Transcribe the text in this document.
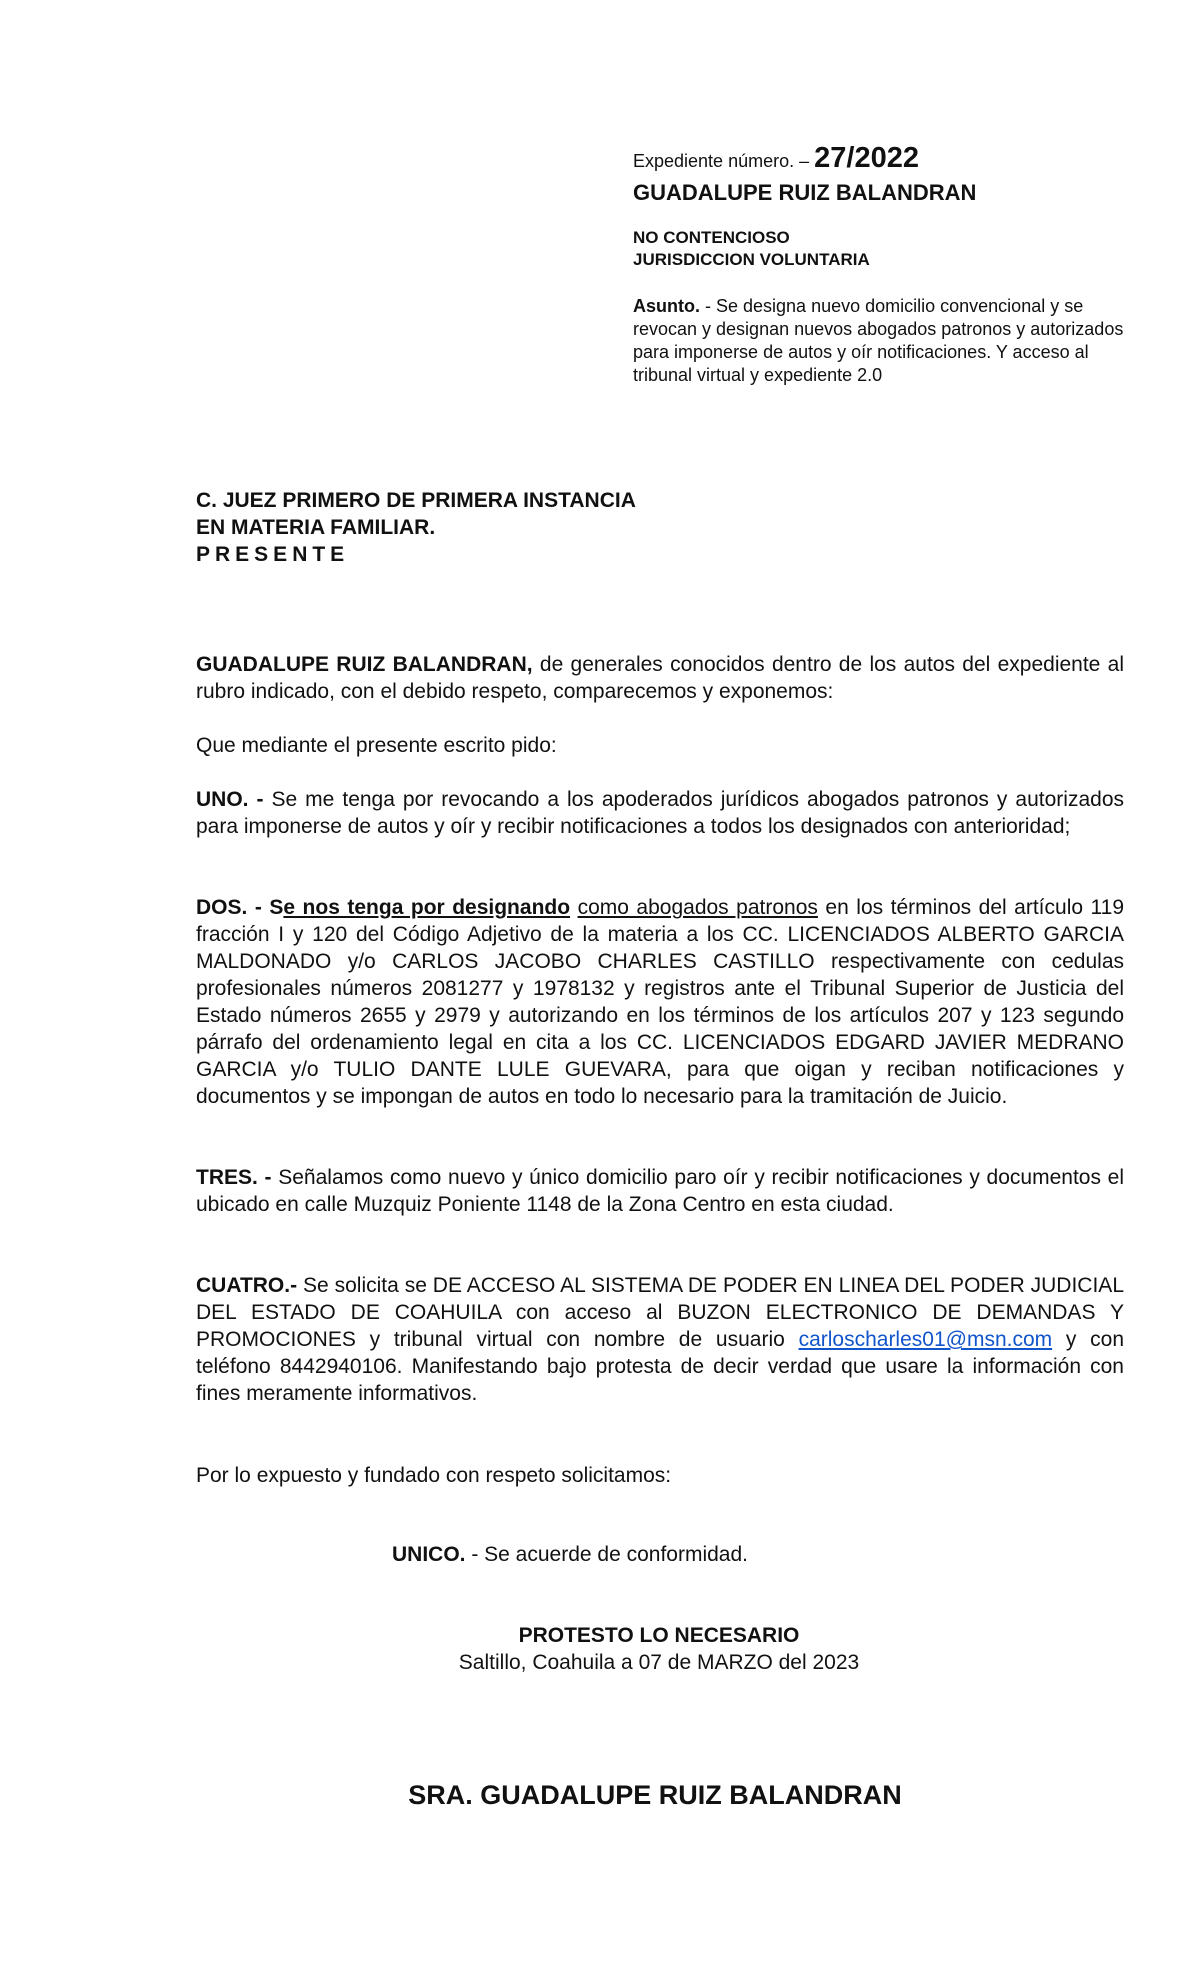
Expediente número. – 27/2022
GUADALUPE RUIZ BALANDRAN
NO CONTENCIOSO
JURISDICCION VOLUNTARIA
Asunto. - Se designa nuevo domicilio convencional y se revocan y designan nuevos abogados patronos y autorizados para imponerse de autos y oír notificaciones. Y acceso al tribunal virtual y expediente 2.0
C. JUEZ PRIMERO DE PRIMERA INSTANCIA
EN MATERIA FAMILIAR.
PRESENTE
GUADALUPE RUIZ BALANDRAN, de generales conocidos dentro de los autos del expediente al rubro indicado, con el debido respeto, comparecemos y exponemos:
Que mediante el presente escrito pido:
UNO. - Se me tenga por revocando a los apoderados jurídicos abogados patronos y autorizados para imponerse de autos y oír y recibir notificaciones a todos los designados con anterioridad;
DOS. - Se nos tenga por designando como abogados patronos en los términos del artículo 119 fracción I y 120 del Código Adjetivo de la materia a los CC. LICENCIADOS ALBERTO GARCIA MALDONADO y/o CARLOS JACOBO CHARLES CASTILLO respectivamente con cedulas profesionales números 2081277 y 1978132 y registros ante el Tribunal Superior de Justicia del Estado números 2655 y 2979 y autorizando en los términos de los artículos 207 y 123 segundo párrafo del ordenamiento legal en cita a los CC. LICENCIADOS EDGARD JAVIER MEDRANO GARCIA y/o TULIO DANTE LULE GUEVARA, para que oigan y reciban notificaciones y documentos y se impongan de autos en todo lo necesario para la tramitación de Juicio.
TRES. - Señalamos como nuevo y único domicilio paro oír y recibir notificaciones y documentos el ubicado en calle Muzquiz Poniente 1148 de la Zona Centro en esta ciudad.
CUATRO.- Se solicita se DE ACCESO AL SISTEMA DE PODER EN LINEA DEL PODER JUDICIAL DEL ESTADO DE COAHUILA con acceso al BUZON ELECTRONICO DE DEMANDAS Y PROMOCIONES y tribunal virtual con nombre de usuario carloscharles01@msn.com y con teléfono 8442940106. Manifestando bajo protesta de decir verdad que usare la información con fines meramente informativos.
Por lo expuesto y fundado con respeto solicitamos:
UNICO. - Se acuerde de conformidad.
PROTESTO LO NECESARIO
Saltillo, Coahuila a 07 de MARZO del 2023
SRA. GUADALUPE RUIZ BALANDRAN
